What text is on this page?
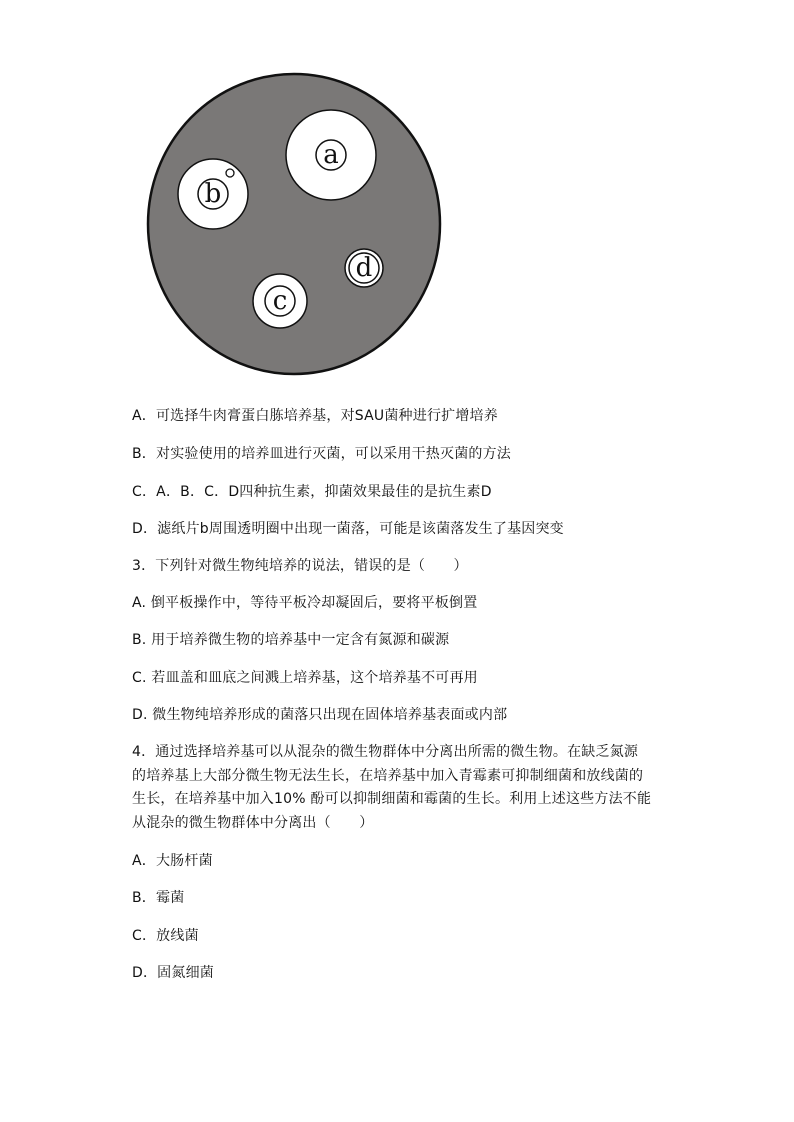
a
b
c
d
A．可选择牛肉膏蛋白胨培养基，对SAU菌种进行扩增培养
B．对实验使用的培养皿进行灭菌，可以采用干热灭菌的方法
C．A．B．C．D四种抗生素，抑菌效果最佳的是抗生素D
D．滤纸片b周围透明圈中出现一菌落，可能是该菌落发生了基因突变
3．下列针对微生物纯培养的说法，错误的是（　　）
A. 倒平板操作中，等待平板冷却凝固后，要将平板倒置
B. 用于培养微生物的培养基中一定含有氮源和碳源
C. 若皿盖和皿底之间溅上培养基，这个培养基不可再用
D. 微生物纯培养形成的菌落只出现在固体培养基表面或内部
4．通过选择培养基可以从混杂的微生物群体中分离出所需的微生物。在缺乏氮源
的培养基上大部分微生物无法生长，在培养基中加入青霉素可抑制细菌和放线菌的
生长，在培养基中加入10% 酚可以抑制细菌和霉菌的生长。利用上述这些方法不能
从混杂的微生物群体中分离出（　　）
A．大肠杆菌
B．霉菌
C．放线菌
D．固氮细菌
